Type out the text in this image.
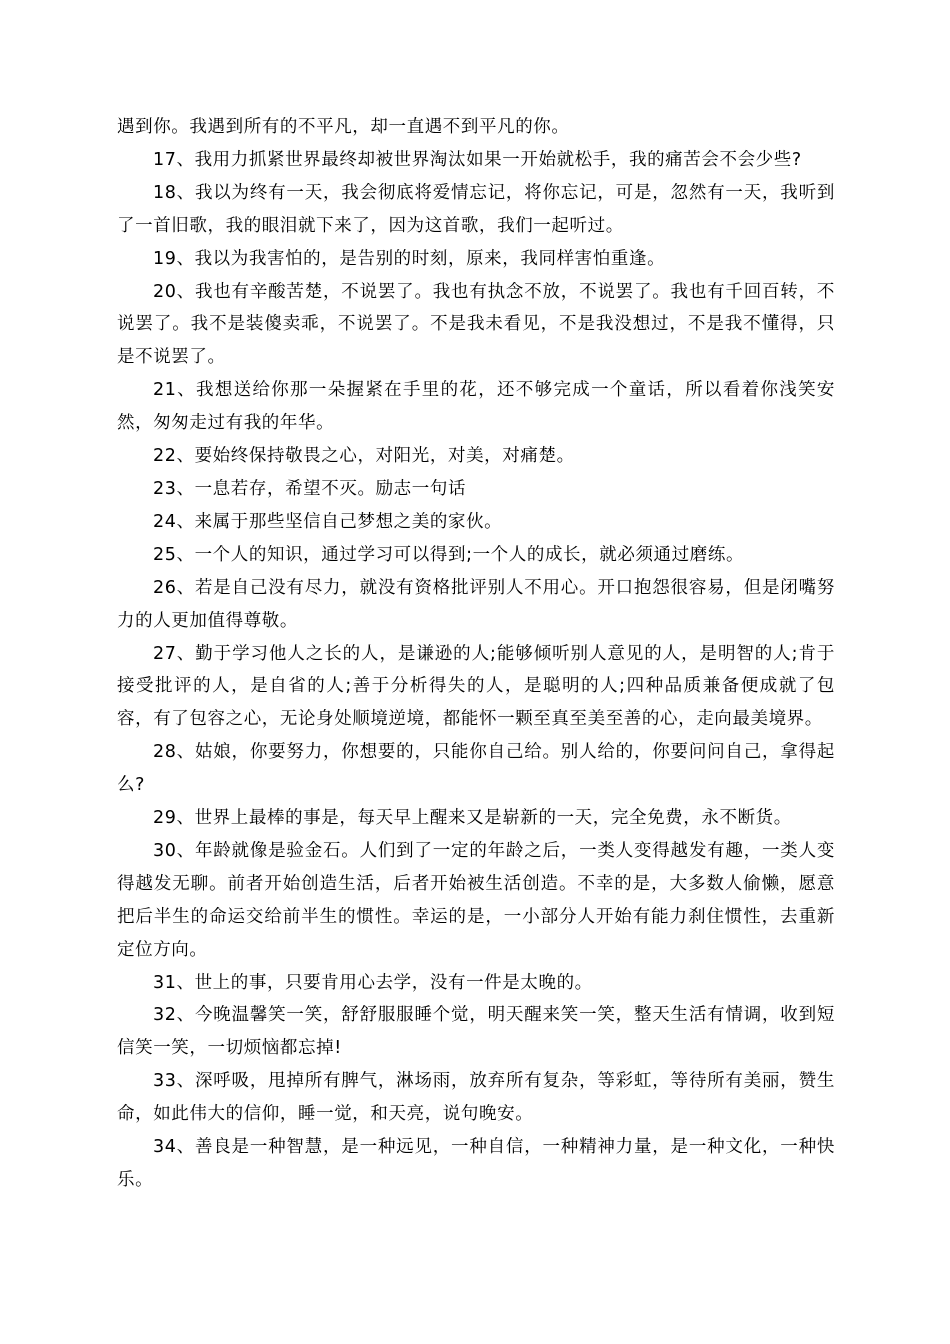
遇到你。我遇到所有的不平凡，却一直遇不到平凡的你。

17、我用力抓紧世界最终却被世界淘汰如果一开始就松手，我的痛苦会不会少些?

18、我以为终有一天，我会彻底将爱情忘记，将你忘记，可是，忽然有一天，我听到了一首旧歌，我的眼泪就下来了，因为这首歌，我们一起听过。

19、我以为我害怕的，是告别的时刻，原来，我同样害怕重逢。

20、我也有辛酸苦楚，不说罢了。我也有执念不放，不说罢了。我也有千回百转，不说罢了。我不是装傻卖乖，不说罢了。不是我未看见，不是我没想过，不是我不懂得，只是不说罢了。

21、我想送给你那一朵握紧在手里的花，还不够完成一个童话，所以看着你浅笑安然，匆匆走过有我的年华。

22、要始终保持敬畏之心，对阳光，对美，对痛楚。

23、一息若存，希望不灭。励志一句话

24、来属于那些坚信自己梦想之美的家伙。

25、一个人的知识，通过学习可以得到;一个人的成长，就必须通过磨练。

26、若是自己没有尽力，就没有资格批评别人不用心。开口抱怨很容易，但是闭嘴努力的人更加值得尊敬。

27、勤于学习他人之长的人，是谦逊的人;能够倾听别人意见的人，是明智的人;肯于接受批评的人，是自省的人;善于分析得失的人，是聪明的人;四种品质兼备便成就了包容，有了包容之心，无论身处顺境逆境，都能怀一颗至真至美至善的心，走向最美境界。

28、姑娘，你要努力，你想要的，只能你自己给。别人给的，你要问问自己，拿得起么?

29、世界上最棒的事是，每天早上醒来又是崭新的一天，完全免费，永不断货。

30、年龄就像是验金石。人们到了一定的年龄之后，一类人变得越发有趣，一类人变得越发无聊。前者开始创造生活，后者开始被生活创造。不幸的是，大多数人偷懒，愿意把后半生的命运交给前半生的惯性。幸运的是，一小部分人开始有能力刹住惯性，去重新定位方向。

31、世上的事，只要肯用心去学，没有一件是太晚的。

32、今晚温馨笑一笑，舒舒服服睡个觉，明天醒来笑一笑，整天生活有情调，收到短信笑一笑，一切烦恼都忘掉!

33、深呼吸，甩掉所有脾气，淋场雨，放弃所有复杂，等彩虹，等待所有美丽，赞生命，如此伟大的信仰，睡一觉，和天亮，说句晚安。

34、善良是一种智慧，是一种远见，一种自信，一种精神力量，是一种文化，一种快乐。
